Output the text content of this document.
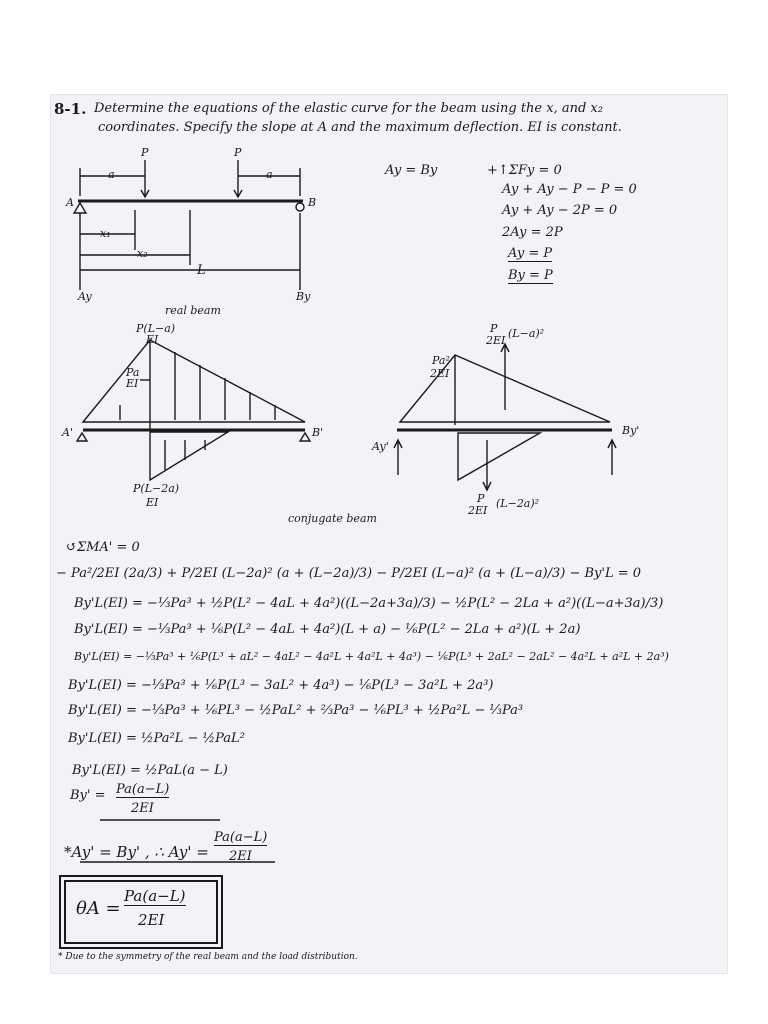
8-1. Determine the equations of the elastic curve for the beam using the x, and x₂
coordinates. Specify the slope at A and the maximum deflection. EI is constant.
P	P
a	a
A	B
x₁
x₂
L
Ay	By
real beam
Ay = By	+↑ΣFy = 0
Ay + Ay − P − P = 0
Ay + Ay − 2P = 0
2Ay = 2P
Ay = P
By = P
P(L−a)
EI
Pa
EI
P(L−2a)
EI
A'	B'
P
2EI
(L−a)²
Pa²
2EI
P
2EI
(L−2a)²
Ay'
By'
conjugate beam
↺ΣMA' = 0
− Pa²/2EI (2a/3) + P/2EI (L−2a)² (a + (L−2a)/3) − P/2EI (L−a)² (a + (L−a)/3) − By'L = 0
By'L(EI) = −⅓Pa³ + ½P(L² − 4aL + 4a²)((L−2a+3a)/3) − ½P(L² − 2La + a²)((L−a+3a)/3)
By'L(EI) = −⅓Pa³ + ⅙P(L² − 4aL + 4a²)(L + a) − ⅙P(L² − 2La + a²)(L + 2a)
By'L(EI) = −⅓Pa³ + ⅙P(L³ + aL² − 4aL² − 4a²L + 4a²L + 4a³) − ⅙P(L³ + 2aL² − 2aL² − 4a²L + a²L + 2a³)
By'L(EI) = −⅓Pa³ + ⅙P(L³ − 3aL² + 4a³) − ⅙P(L³ − 3a²L + 2a³)
By'L(EI) = −⅓Pa³ + ⅙PL³ − ½PaL² + ⅔Pa³ − ⅙PL³ + ½Pa²L − ⅓Pa³
By'L(EI) = ½Pa²L − ½PaL²
By'L(EI) = ½PaL(a − L)
By' = Pa(a−L)
2EI
*Ay' = By' , ∴ Ay' =
Pa(a−L)
2EI
θA =
Pa(a−L)
2EI
* Due to the symmetry of the real beam and the load distribution.
